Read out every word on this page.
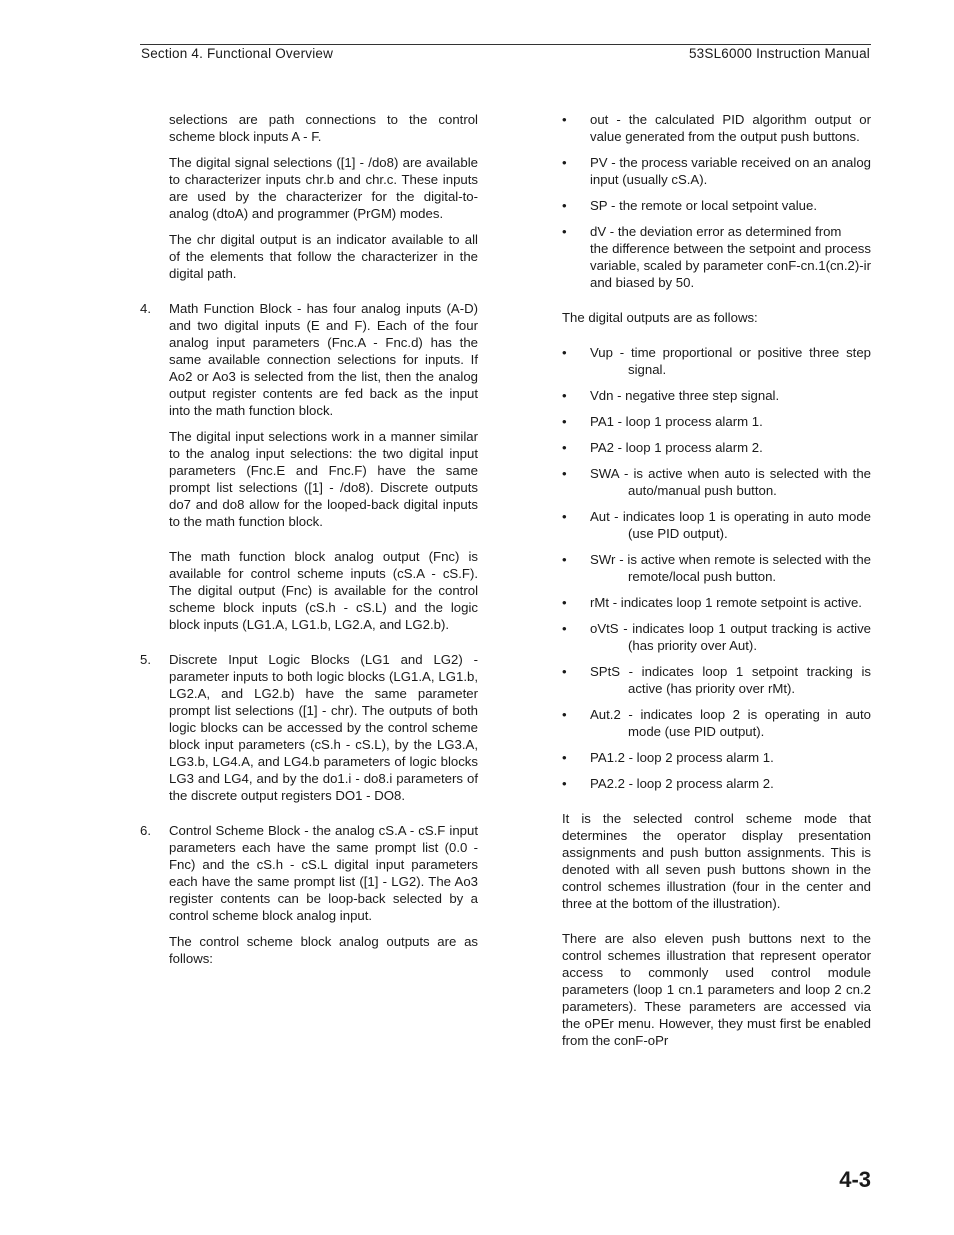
Section 4. Functional Overview	53SL6000 Instruction Manual

selections are path connections to the control scheme block inputs A - F.

The digital signal selections ([1] - /do8) are available to characterizer inputs chr.b and chr.c. These inputs are used by the characterizer for the digital-to-analog (dtoA) and programmer (PrGM) modes.

The chr digital output is an indicator available to all of the elements that follow the characterizer in the digital path.

4. Math Function Block - has four analog inputs (A-D) and two digital inputs (E and F). Each of the four analog input parameters (Fnc.A - Fnc.d) has the same available connection selections for inputs. If Ao2 or Ao3 is selected from the list, then the analog output register contents are fed back as the input into the math function block.

The digital input selections work in a manner similar to the analog input selections: the two digital input parameters (Fnc.E and Fnc.F) have the same prompt list selections ([1] - /do8). Discrete outputs do7 and do8 allow for the looped-back digital inputs to the math function block.

The math function block analog output (Fnc) is available for control scheme inputs (cS.A - cS.F). The digital output (Fnc) is available for the control scheme block inputs (cS.h - cS.L) and the logic block inputs (LG1.A, LG1.b, LG2.A, and LG2.b).

5. Discrete Input Logic Blocks (LG1 and LG2) - parameter inputs to both logic blocks (LG1.A, LG1.b, LG2.A, and LG2.b) have the same parameter prompt list selections ([1] - chr). The outputs of both logic blocks can be accessed by the control scheme block input parameters (cS.h - cS.L), by the LG3.A, LG3.b, LG4.A, and LG4.b parameters of logic blocks LG3 and LG4, and by the do1.i - do8.i parameters of the discrete output registers DO1 - DO8.

6. Control Scheme Block - the analog cS.A - cS.F input parameters each have the same prompt list (0.0 - Fnc) and the cS.h - cS.L digital input parameters each have the same prompt list ([1] - LG2). The Ao3 register contents can be loop-back selected by a control scheme block analog input.

The control scheme block analog outputs are as follows:

• out - the calculated PID algorithm output or value generated from the output push buttons.

• PV - the process variable received on an analog input (usually cS.A).

• SP - the remote or local setpoint value.

• dV - the deviation error as determined from

the difference between the setpoint and process variable, scaled by parameter conF-cn.1(cn.2)-ir and biased by 50.

The digital outputs are as follows:

• Vup - time proportional or positive three step signal.

• Vdn - negative three step signal.

• PA1 - loop 1 process alarm 1.

• PA2 - loop 1 process alarm 2.

• SWA - is active when auto is selected with the auto/manual push button.

• Aut - indicates loop 1 is operating in auto mode (use PID output).

• SWr - is active when remote is selected with the remote/local push button.

• rMt - indicates loop 1 remote setpoint is active.

• oVtS - indicates loop 1 output tracking is active (has priority over Aut).

• SPtS - indicates loop 1 setpoint tracking is active (has priority over rMt).

• Aut.2 - indicates loop 2 is operating in auto mode (use PID output).

• PA1.2 - loop 2 process alarm 1.

• PA2.2 - loop 2 process alarm 2.

It is the selected control scheme mode that determines the operator display presentation assignments and push button assignments. This is denoted with all seven push buttons shown in the control schemes illustration (four in the center and three at the bottom of the illustration).

There are also eleven push buttons next to the control schemes illustration that represent operator access to commonly used control module parameters (loop 1 cn.1 parameters and loop 2 cn.2 parameters). These parameters are accessed via the oPEr menu. However, they must first be enabled from the conF-oPr

4-3
